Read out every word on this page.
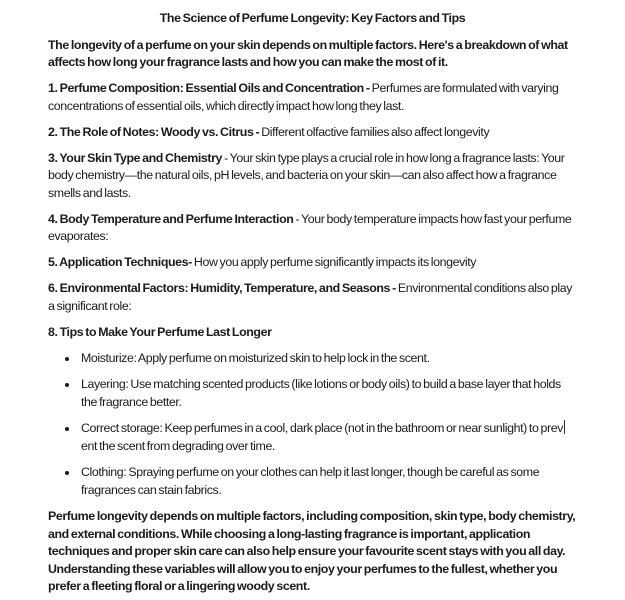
The Science of Perfume Longevity: Key Factors and Tips

The longevity of a perfume on your skin depends on multiple factors. Here's a breakdown of what affects how long your fragrance lasts and how you can make the most of it.

1. Perfume Composition: Essential Oils and Concentration - Perfumes are formulated with varying concentrations of essential oils, which directly impact how long they last.

2. The Role of Notes: Woody vs. Citrus - Different olfactive families also affect longevity

3. Your Skin Type and Chemistry - Your skin type plays a crucial role in how long a fragrance lasts: Your body chemistry—the natural oils, pH levels, and bacteria on your skin—can also affect how a fragrance smells and lasts.

4. Body Temperature and Perfume Interaction - Your body temperature impacts how fast your perfume evaporates:

5. Application Techniques- How you apply perfume significantly impacts its longevity

6. Environmental Factors: Humidity, Temperature, and Seasons - Environmental conditions also play a significant role:

8. Tips to Make Your Perfume Last Longer

• Moisturize: Apply perfume on moisturized skin to help lock in the scent.
• Layering: Use matching scented products (like lotions or body oils) to build a base layer that holds the fragrance better.
• Correct storage: Keep perfumes in a cool, dark place (not in the bathroom or near sunlight) to prevent the scent from degrading over time.
• Clothing: Spraying perfume on your clothes can help it last longer, though be careful as some fragrances can stain fabrics.

Perfume longevity depends on multiple factors, including composition, skin type, body chemistry, and external conditions. While choosing a long-lasting fragrance is important, application techniques and proper skin care can also help ensure your favourite scent stays with you all day. Understanding these variables will allow you to enjoy your perfumes to the fullest, whether you prefer a fleeting floral or a lingering woody scent.
